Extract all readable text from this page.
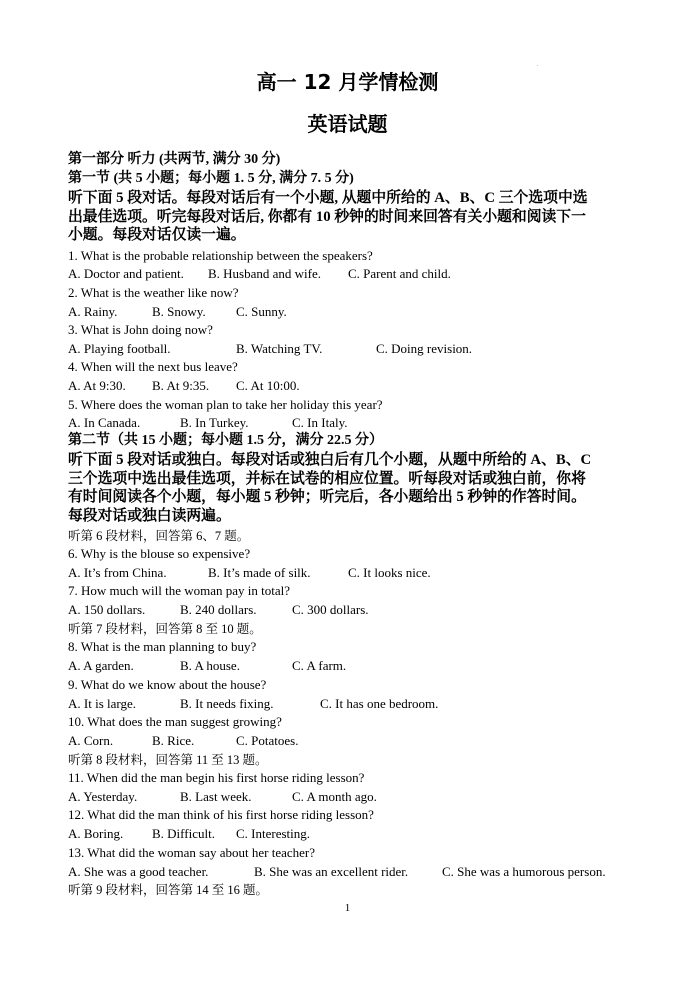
.
高一 12 月学情检测
英语试题
第一部分 听力 (共两节, 满分 30 分)
第一节 (共 5 小题；每小题 1. 5 分, 满分 7. 5 分)
听下面 5 段对话。每段对话后有一个小题, 从题中所给的 A、B、C 三个选项中选
出最佳选项。听完每段对话后, 你都有 10 秒钟的时间来回答有关小题和阅读下一
小题。每段对话仅读一遍。
1. What is the probable relationship between the speakers?
A. Doctor and patient. B. Husband and wife. C. Parent and child.
2. What is the weather like now?
A. Rainy.	B. Snowy. C. Sunny.
3. What is John doing now?
A. Playing football.	B. Watching TV.	C. Doing revision.
4. When will the next bus leave?
A. At 9:30. B. At 9:35. C. At 10:00.
5. Where does the woman plan to take her holiday this year?
A. In Canada.	B. In Turkey.	C. In Italy.
第二节（共 15 小题；每小题 1.5 分，满分 22.5 分）
听下面 5 段对话或独白。每段对话或独白后有几个小题，从题中所给的 A、B、C
三个选项中选出最佳选项，并标在试卷的相应位置。听每段对话或独白前，你将
有时间阅读各个小题，每小题 5 秒钟；听完后，各小题给出 5 秒钟的作答时间。
每段对话或独白读两遍。
听第 6 段材料，回答第 6、7 题。
6. Why is the blouse so expensive?
A. It’s from China.	B. It’s made of silk.	C. It looks nice.
7. How much will the woman pay in total?
A. 150 dollars.	B. 240 dollars.	C. 300 dollars.
听第 7 段材料，回答第 8 至 10 题。
8. What is the man planning to buy?
A. A garden.	B. A house.	C. A farm.
9. What do we know about the house?
A. It is large.	B. It needs fixing.	C. It has one bedroom.
10. What does the man suggest growing?
A. Corn.	B. Rice.	C. Potatoes.
听第 8 段材料，回答第 11 至 13 题。
11. When did the man begin his first horse riding lesson?
A. Yesterday.	B. Last week.	C. A month ago.
12. What did the man think of his first horse riding lesson?
A. Boring. B. Difficult. C. Interesting.
13. What did the woman say about her teacher?
A. She was a good teacher.	B. She was an excellent rider.	C. She was a humorous person.
听第 9 段材料，回答第 14 至 16 题。
1
